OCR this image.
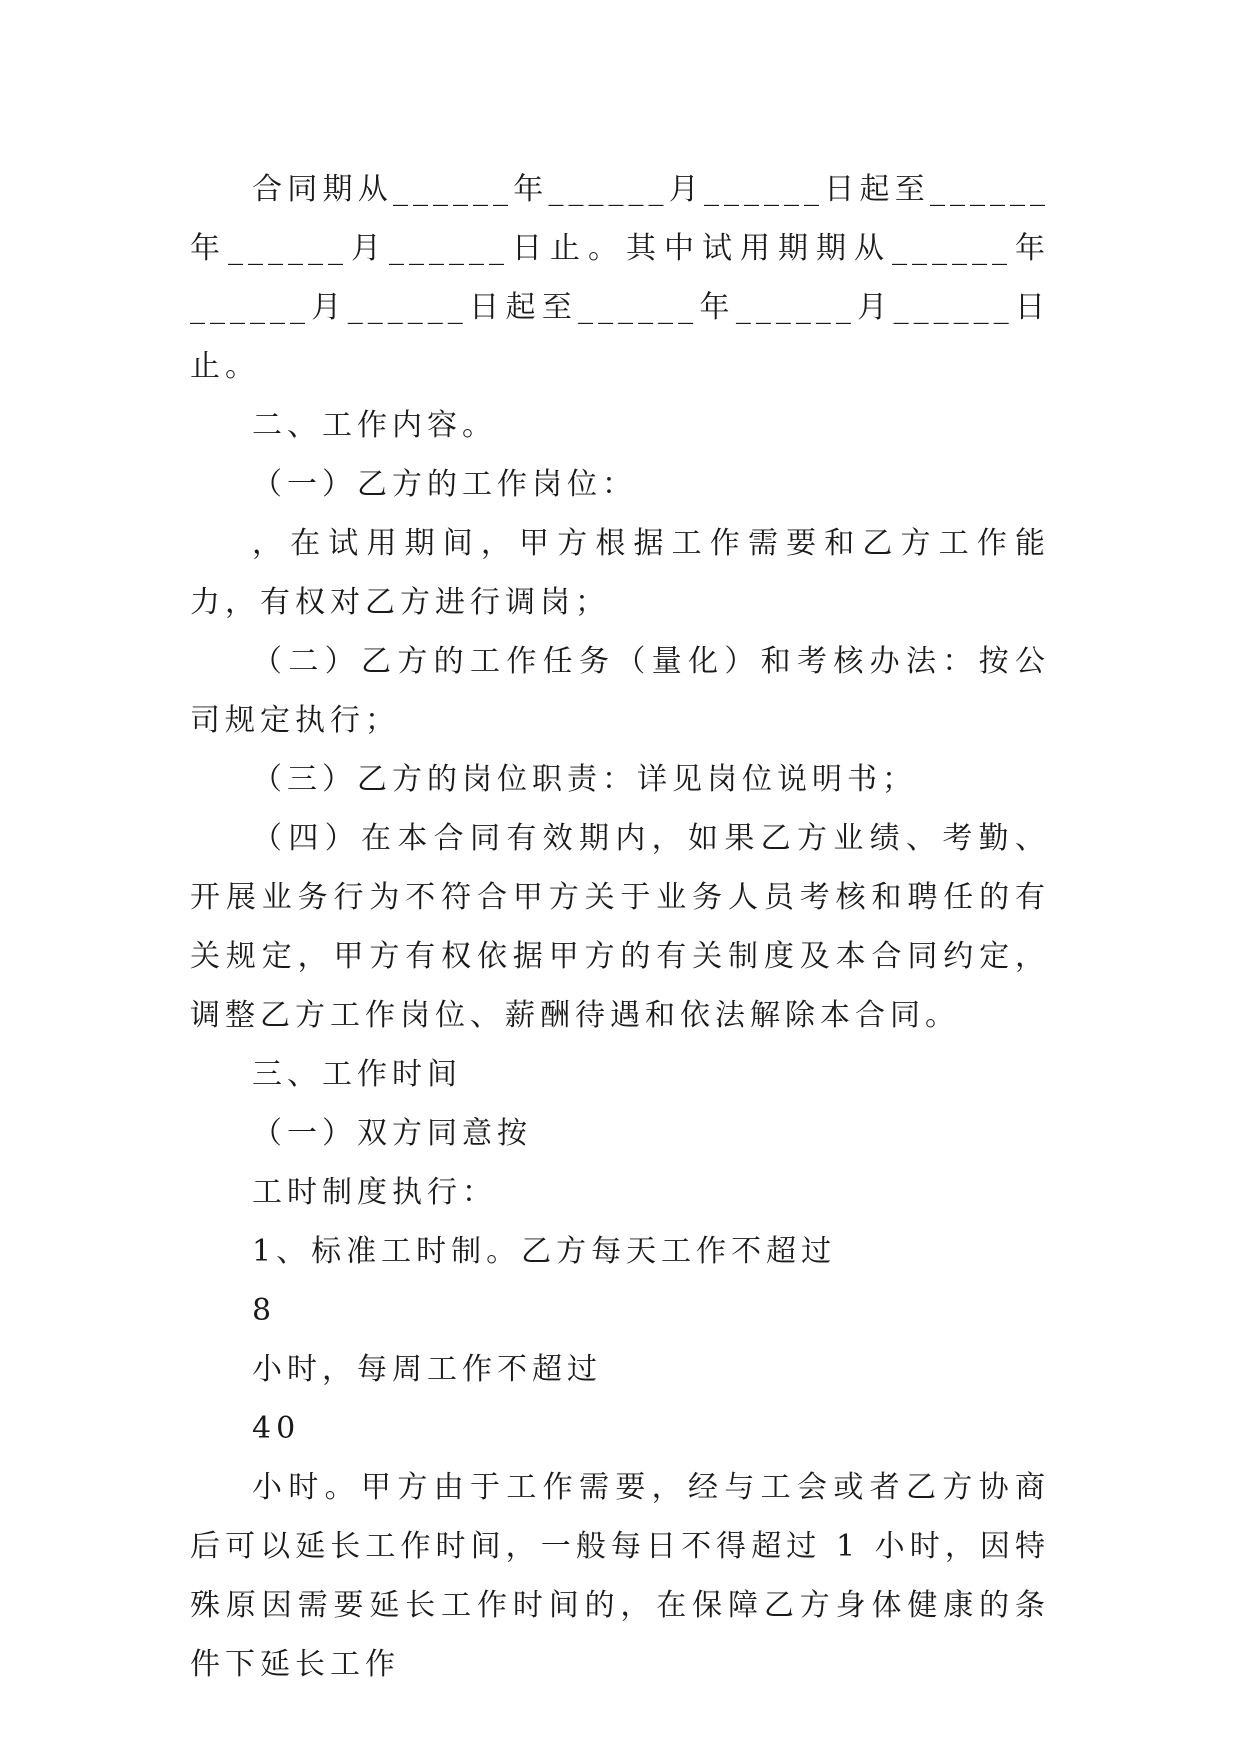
合同期从______年______月______日起至______年______月______日止。其中试用期期从______年______月______日起至______年______月______日止。

二、工作内容。

（一）乙方的工作岗位：

，在试用期间，甲方根据工作需要和乙方工作能力，有权对乙方进行调岗；

（二）乙方的工作任务（量化）和考核办法：按公司规定执行；

（三）乙方的岗位职责：详见岗位说明书；

（四）在本合同有效期内，如果乙方业绩、考勤、开展业务行为不符合甲方关于业务人员考核和聘任的有关规定，甲方有权依据甲方的有关制度及本合同约定，调整乙方工作岗位、薪酬待遇和依法解除本合同。

三、工作时间

（一）双方同意按

工时制度执行：

1、标准工时制。乙方每天工作不超过

8

小时，每周工作不超过

40

小时。甲方由于工作需要，经与工会或者乙方协商后可以延长工作时间，一般每日不得超过 1 小时，因特殊原因需要延长工作时间的，在保障乙方身体健康的条件下延长工作
